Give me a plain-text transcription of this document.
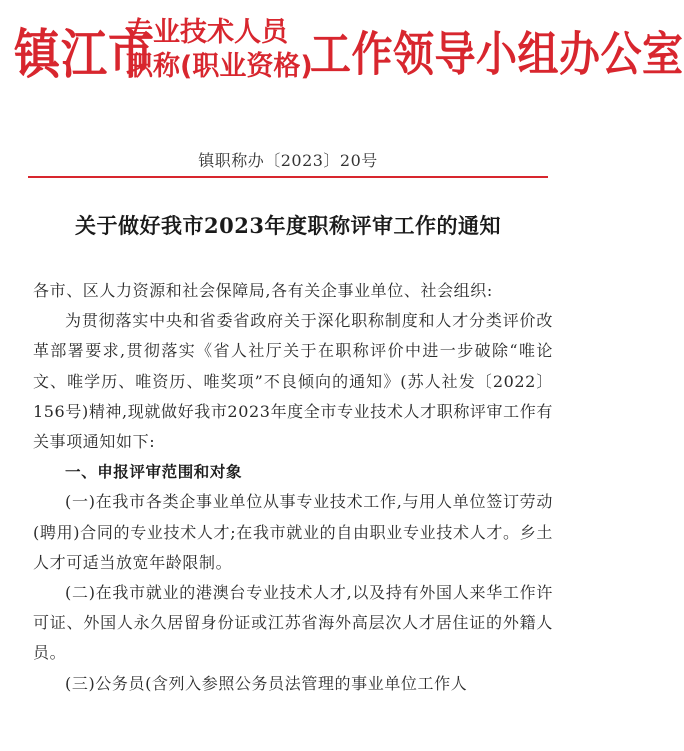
镇江市
专业技术人员
职称(职业资格)
工作领导小组办公室
镇职称办〔2023〕20号
关于做好我市2023年度职称评审工作的通知

各市、区人力资源和社会保障局,各有关企事业单位、社会组织:

为贯彻落实中央和省委省政府关于深化职称制度和人才分类评价改革部署要求,贯彻落实《省人社厅关于在职称评价中进一步破除“唯论文、唯学历、唯资历、唯奖项”不良倾向的通知》(苏人社发〔2022〕156号)精神,现就做好我市2023年度全市专业技术人才职称评审工作有关事项通知如下:

一、申报评审范围和对象

(一)在我市各类企事业单位从事专业技术工作,与用人单位签订劳动(聘用)合同的专业技术人才;在我市就业的自由职业专业技术人才。乡土人才可适当放宽年龄限制。

(二)在我市就业的港澳台专业技术人才,以及持有外国人来华工作许可证、外国人永久居留身份证或江苏省海外高层次人才居住证的外籍人员。

(三)公务员(含列入参照公务员法管理的事业单位工作人
